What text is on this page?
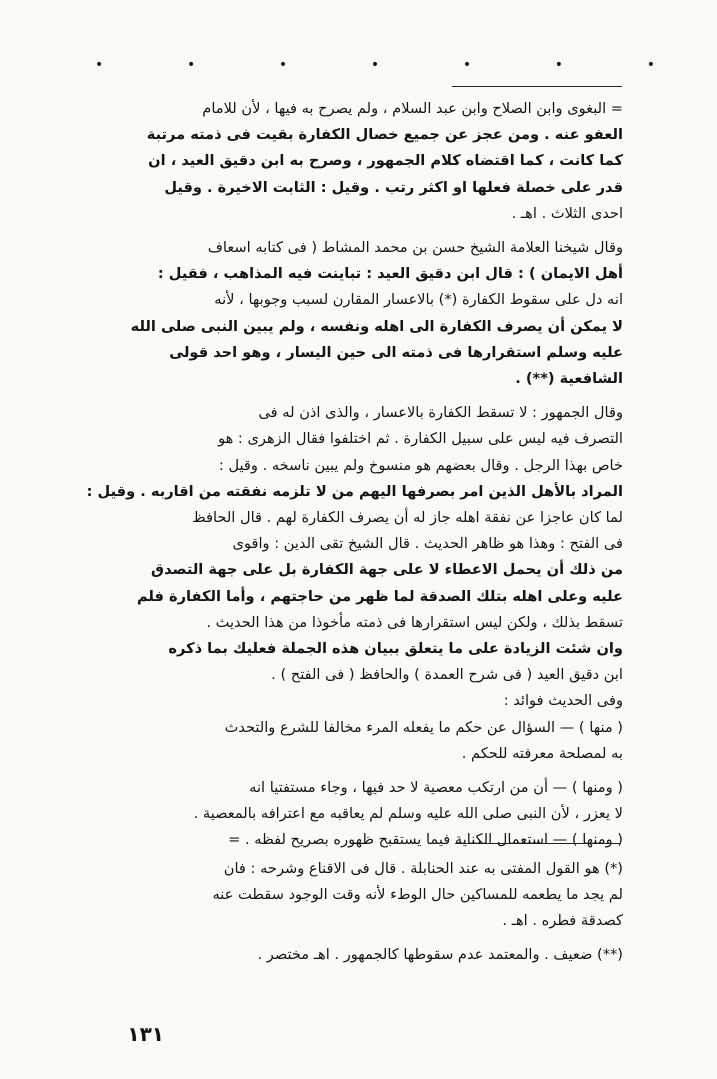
•	•	•	•	•	•	•
= البغوى وابن الصلاح وابن عبد السلام ، ولم يصرح به فيها ، لأن للامام
العفو عنه . ومن عجز عن جميع خصال الكفارة بقيت فى ذمته مرتبة
كما كانت ، كما اقتضاه كلام الجمهور ، وصرح به ابن دقيق العيد ، ان
قدر على خصلة فعلها او اكثر رتب . وقيل : الثابت الاخيرة . وقيل
احدى الثلاث . اهـ .
وقال شيخنا العلامة الشيخ حسن بن محمد المشاط ( فى كتابه اسعاف
أهل الايمان ) : قال ابن دقيق العيد : تباينت فيه المذاهب ، فقيل :
انه دل على سقوط الكفارة (*) بالاعسار المقارن لسبب وجوبها ، لأنه
لا يمكن أن يصرف الكفارة الى اهله ونفسه ، ولم يبين النبى صلى الله
عليه وسلم استقرارها فى ذمته الى حين اليسار ، وهو احد قولى
الشافعية (**) .
وقال الجمهور : لا تسقط الكفارة بالاعسار ، والذى اذن له فى
التصرف فيه ليس على سبيل الكفارة . ثم اختلفوا فقال الزهرى : هو
خاص بهذا الرجل . وقال بعضهم هو منسوخ ولم يبين ناسخه . وقيل :
المراد بالأهل الذين امر بصرفها اليهم من لا تلزمه نفقته من اقاربه . وقيل :
لما كان عاجزا عن نفقة اهله جاز له أن يصرف الكفارة لهم . قال الحافظ
فى الفتح : وهذا هو ظاهر الحديث . قال الشيخ تقى الدين : واقوى
من ذلك أن يحمل الاعطاء لا على جهة الكفارة بل على جهة التصدق
عليه وعلى اهله بتلك الصدقة لما ظهر من حاجتهم ، وأما الكفارة فلم
تسقط بذلك ، ولكن ليس استقرارها فى ذمته مأخوذا من هذا الحديث .
وان شئت الزيادة على ما يتعلق ببيان هذه الجملة فعليك بما ذكره
ابن دقيق العيد ( فى شرح العمدة ) والحافظ ( فى الفتح ) .
وفى الحديث فوائد :
( منها ) — السؤال عن حكم ما يفعله المرء مخالفا للشرع والتحدث
به لمصلحة معرفته للحكم .
( ومنها ) — أن من ارتكب معصية لا حد فيها ، وجاء مستفتيا انه
لا يعزر ، لأن النبى صلى الله عليه وسلم لم يعاقبه مع اعترافه بالمعصية .
( ومنها ) — استعمال الكناية فيما يستقبح ظهوره بصريح لفظه . =
(*) هو القول المفتى به عند الحنابلة . قال فى الاقناع وشرحه : فان
لم يجد ما يطعمه للمساكين حال الوطء لأنه وقت الوجود سقطت عنه
كصدقة فطره . اهـ .
(**) ضعيف . والمعتمد عدم سقوطها كالجمهور . اهـ مختصر .
١٣١
